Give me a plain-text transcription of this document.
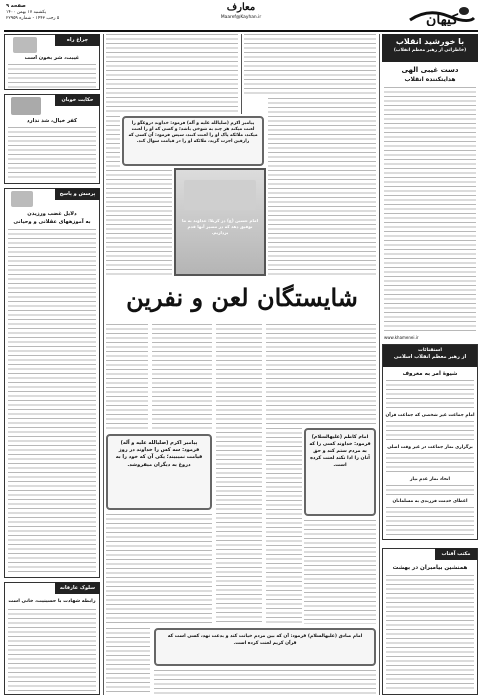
صفحه ۹
یکشنبه ۱۷ بهمن ۱۴۰۰
۵ رجب ۱۴۴۳ - شماره ۲۲۹۵۹
معارف
Maaref@Kayhan.ir	کیهان
با خورشید انقلاب
(خاطراتی از رهبر معظم انقلاب)
دست غیبی الهی
هدایتکننده انقلاب
www.khamenei.ir
استفتائات
از رهبر معظم انقلاب اسلامی
شیوهٔ امر به معروف
امام جماعت غیر شخصی که جماعت قرآن
برگزاری نماز جماعت در غیر وقت اصلی
اتحاد نماز عدم نیاز
اعطای خدمت فرزندی به مسلمانان
مکتب آفتاب
همنشین بیامبران در بهشت
چراغ راه
غیبت، شر بخون است
حکایت خوبان
کفر خیال، شد ندارد
پرسش و پاسخ
دلایل غضب ورزیدن
به آموزههای عقلانی و وحیانی
سلوک عارفانه
رابطه شهادت با حسینیت، خانی است
پیامبر اکرم (صلیالله علیه و آله) فرمود: خداوند دروغگو را لعنت میکند هر چند به شوخی باشد؛ و کسی که او را لعنت میکند، ملائکه پاک او را لعنت کنند، سپس فرمود: آن کسی که رازقین اجرت گزید، ملائکه او را در قیامت سوال کند.
امام حسین (ع) در کربلا؛ خداوند به ما توفیق دهد که در مسیر آنها قدم برداریم.
شایستگان لعن و نفرین
امام کاظم (علیهالسلام) فرمود: خداوند کسی را که به مردم ستم کند و حق آنان را ادا نکند لعنت کرده است.
پیامبر اکرم (صلیالله علیه و آله) فرمود: سه کس را خداوند در روز قیامت نمیبیند؛ یکی آن که خود را به دروغ به دیگران میفروشد.
امام صادق (علیهالسلام) فرمود: آن که بین مردم خیانت کند و بدعت نهد، کسی است که قرآن کریم لعنت کرده است.
